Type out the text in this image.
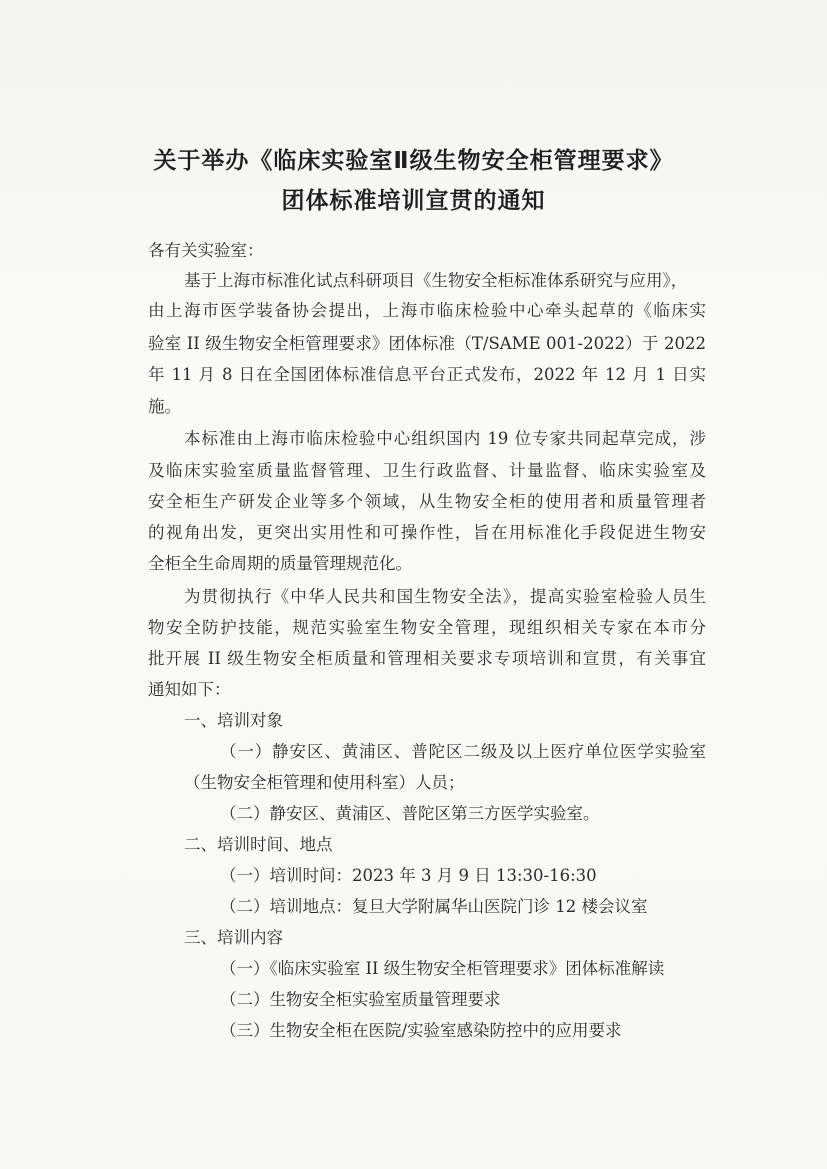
关于举办《临床实验室Ⅱ级生物安全柜管理要求》
团体标准培训宣贯的通知
各有关实验室：
基于上海市标准化试点科研项目《生物安全柜标准体系研究与应用》，
由上海市医学装备协会提出，上海市临床检验中心牵头起草的《临床实
验室 II 级生物安全柜管理要求》团体标准（T/SAME 001-2022）于 2022
年 11 月 8 日在全国团体标准信息平台正式发布，2022 年 12 月 1 日实
施。
本标准由上海市临床检验中心组织国内 19 位专家共同起草完成，涉
及临床实验室质量监督管理、卫生行政监督、计量监督、临床实验室及
安全柜生产研发企业等多个领域，从生物安全柜的使用者和质量管理者
的视角出发，更突出实用性和可操作性，旨在用标准化手段促进生物安
全柜全生命周期的质量管理规范化。
为贯彻执行《中华人民共和国生物安全法》，提高实验室检验人员生
物安全防护技能，规范实验室生物安全管理，现组织相关专家在本市分
批开展 II 级生物安全柜质量和管理相关要求专项培训和宣贯，有关事宜
通知如下：
一、培训对象
（一）静安区、黄浦区、普陀区二级及以上医疗单位医学实验室
（生物安全柜管理和使用科室）人员；
（二）静安区、黄浦区、普陀区第三方医学实验室。
二、培训时间、地点
（一）培训时间：2023 年 3 月 9 日 13:30-16:30
（二）培训地点：复旦大学附属华山医院门诊 12 楼会议室
三、培训内容
（一）《临床实验室 II 级生物安全柜管理要求》团体标准解读
（二）生物安全柜实验室质量管理要求
（三）生物安全柜在医院/实验室感染防控中的应用要求
